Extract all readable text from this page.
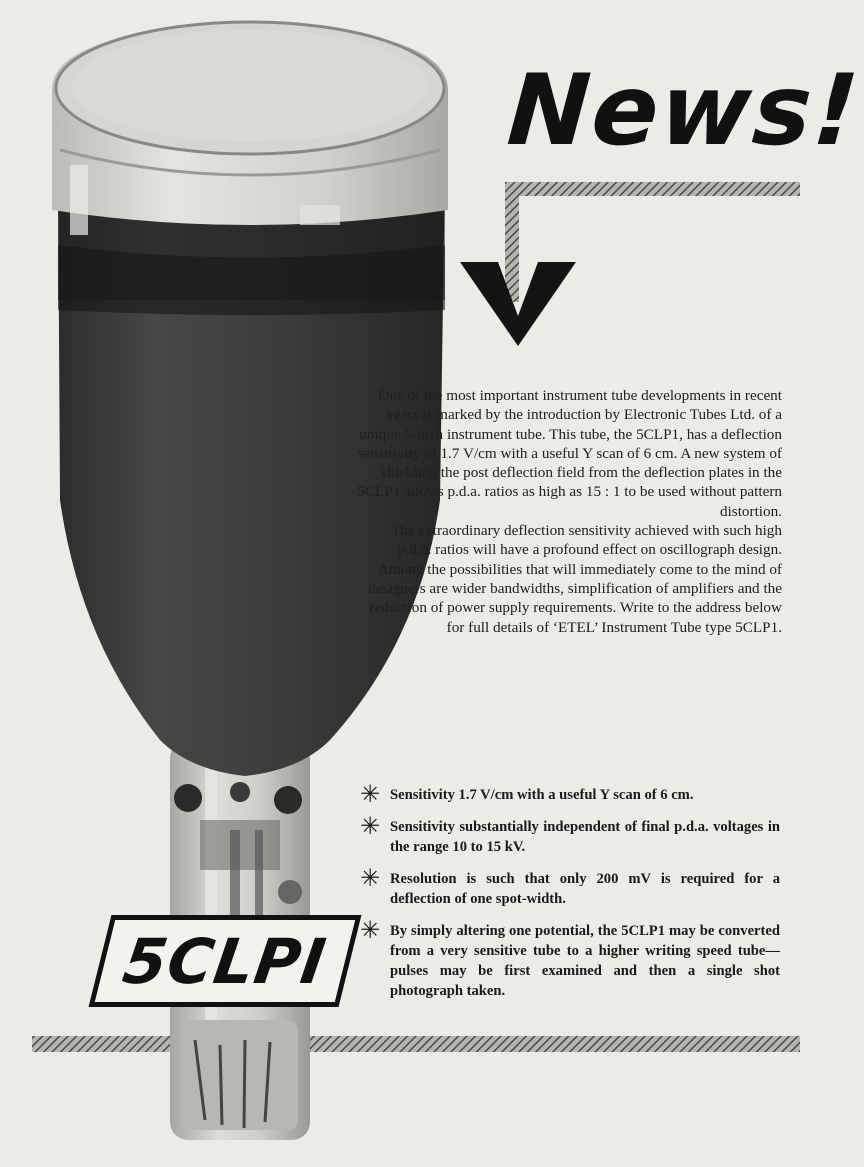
News!

One of the most important instrument tube developments in recent years is marked by the introduction by Electronic Tubes Ltd. of a unique 5-inch instrument tube. This tube, the 5CLP1, has a deflection sensitivity of 1.7 V/cm with a useful Y scan of 6 cm. A new system of shielding the post deflection field from the deflection plates in the 5CLP1 allows p.d.a. ratios as high as 15 : 1 to be used without pattern distortion.

The extraordinary deflection sensitivity achieved with such high p.d.a. ratios will have a profound effect on oscillograph design. Among the possibilities that will immediately come to the mind of designers are wider bandwidths, simplification of amplifiers and the reduction of power supply requirements. Write to the address below for full details of ‘ETEL’ Instrument Tube type 5CLP1.

✳ Sensitivity 1.7 V/cm with a useful Y scan of 6 cm.
✳ Sensitivity substantially independent of final p.d.a. voltages in the range 10 to 15 kV.
✳ Resolution is such that only 200 mV is required for a deflection of one spot-width.
✳ By simply altering one potential, the 5CLP1 may be converted from a very sensitive tube to a higher writing speed tube—pulses may be first examined and then a single shot photograph taken.
5CLPI
